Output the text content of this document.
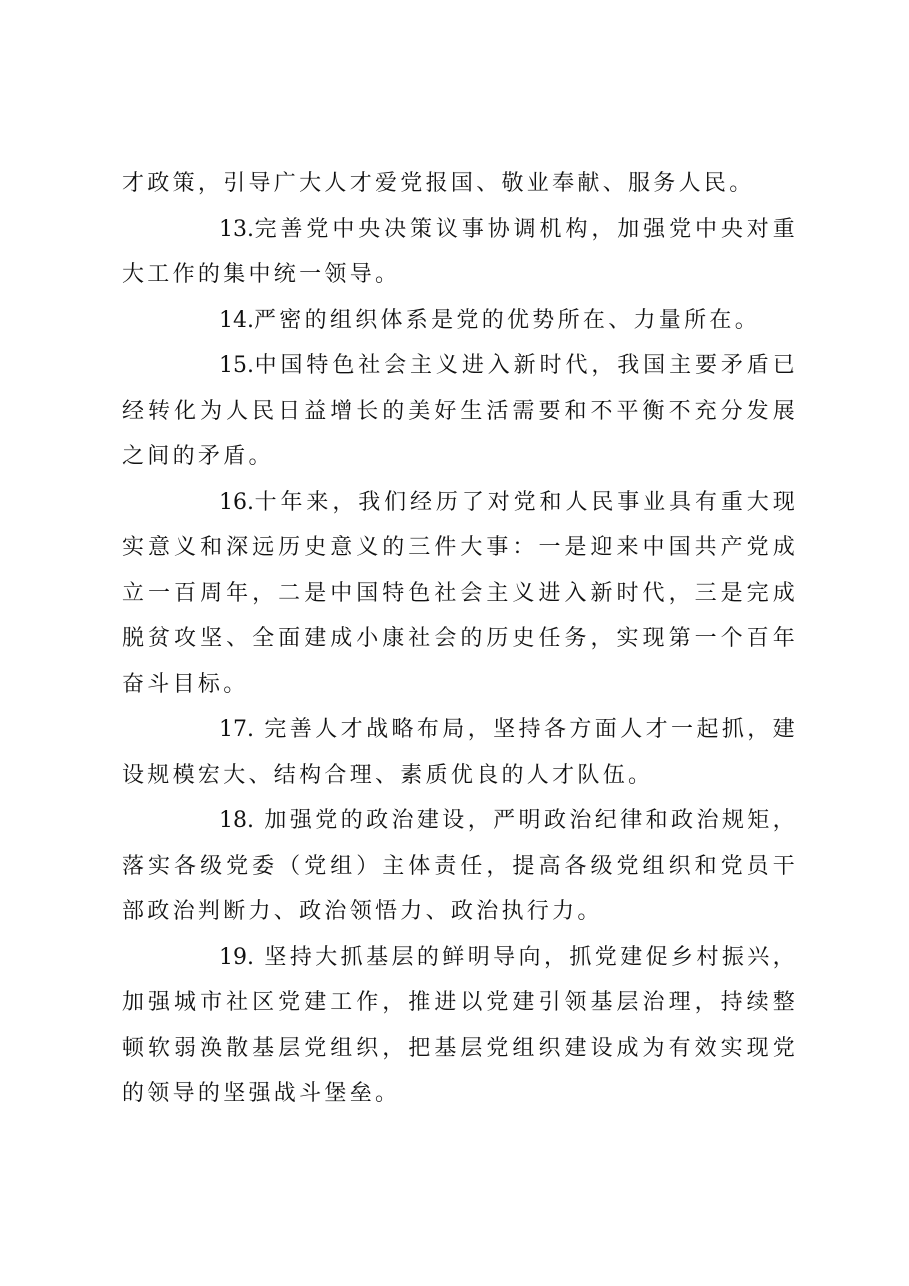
才政策，引导广大人才爱党报国、敬业奉献、服务人民。

13.完善党中央决策议事协调机构，加强党中央对重大工作的集中统一领导。

14.严密的组织体系是党的优势所在、力量所在。

15.中国特色社会主义进入新时代，我国主要矛盾已经转化为人民日益增长的美好生活需要和不平衡不充分发展之间的矛盾。

16.十年来，我们经历了对党和人民事业具有重大现实意义和深远历史意义的三件大事：一是迎来中国共产党成立一百周年，二是中国特色社会主义进入新时代，三是完成脱贫攻坚、全面建成小康社会的历史任务，实现第一个百年奋斗目标。

17. 完善人才战略布局，坚持各方面人才一起抓，建设规模宏大、结构合理、素质优良的人才队伍。

18. 加强党的政治建设，严明政治纪律和政治规矩，落实各级党委（党组）主体责任，提高各级党组织和党员干部政治判断力、政治领悟力、政治执行力。

19. 坚持大抓基层的鲜明导向，抓党建促乡村振兴，加强城市社区党建工作，推进以党建引领基层治理，持续整顿软弱涣散基层党组织，把基层党组织建设成为有效实现党的领导的坚强战斗堡垒。
